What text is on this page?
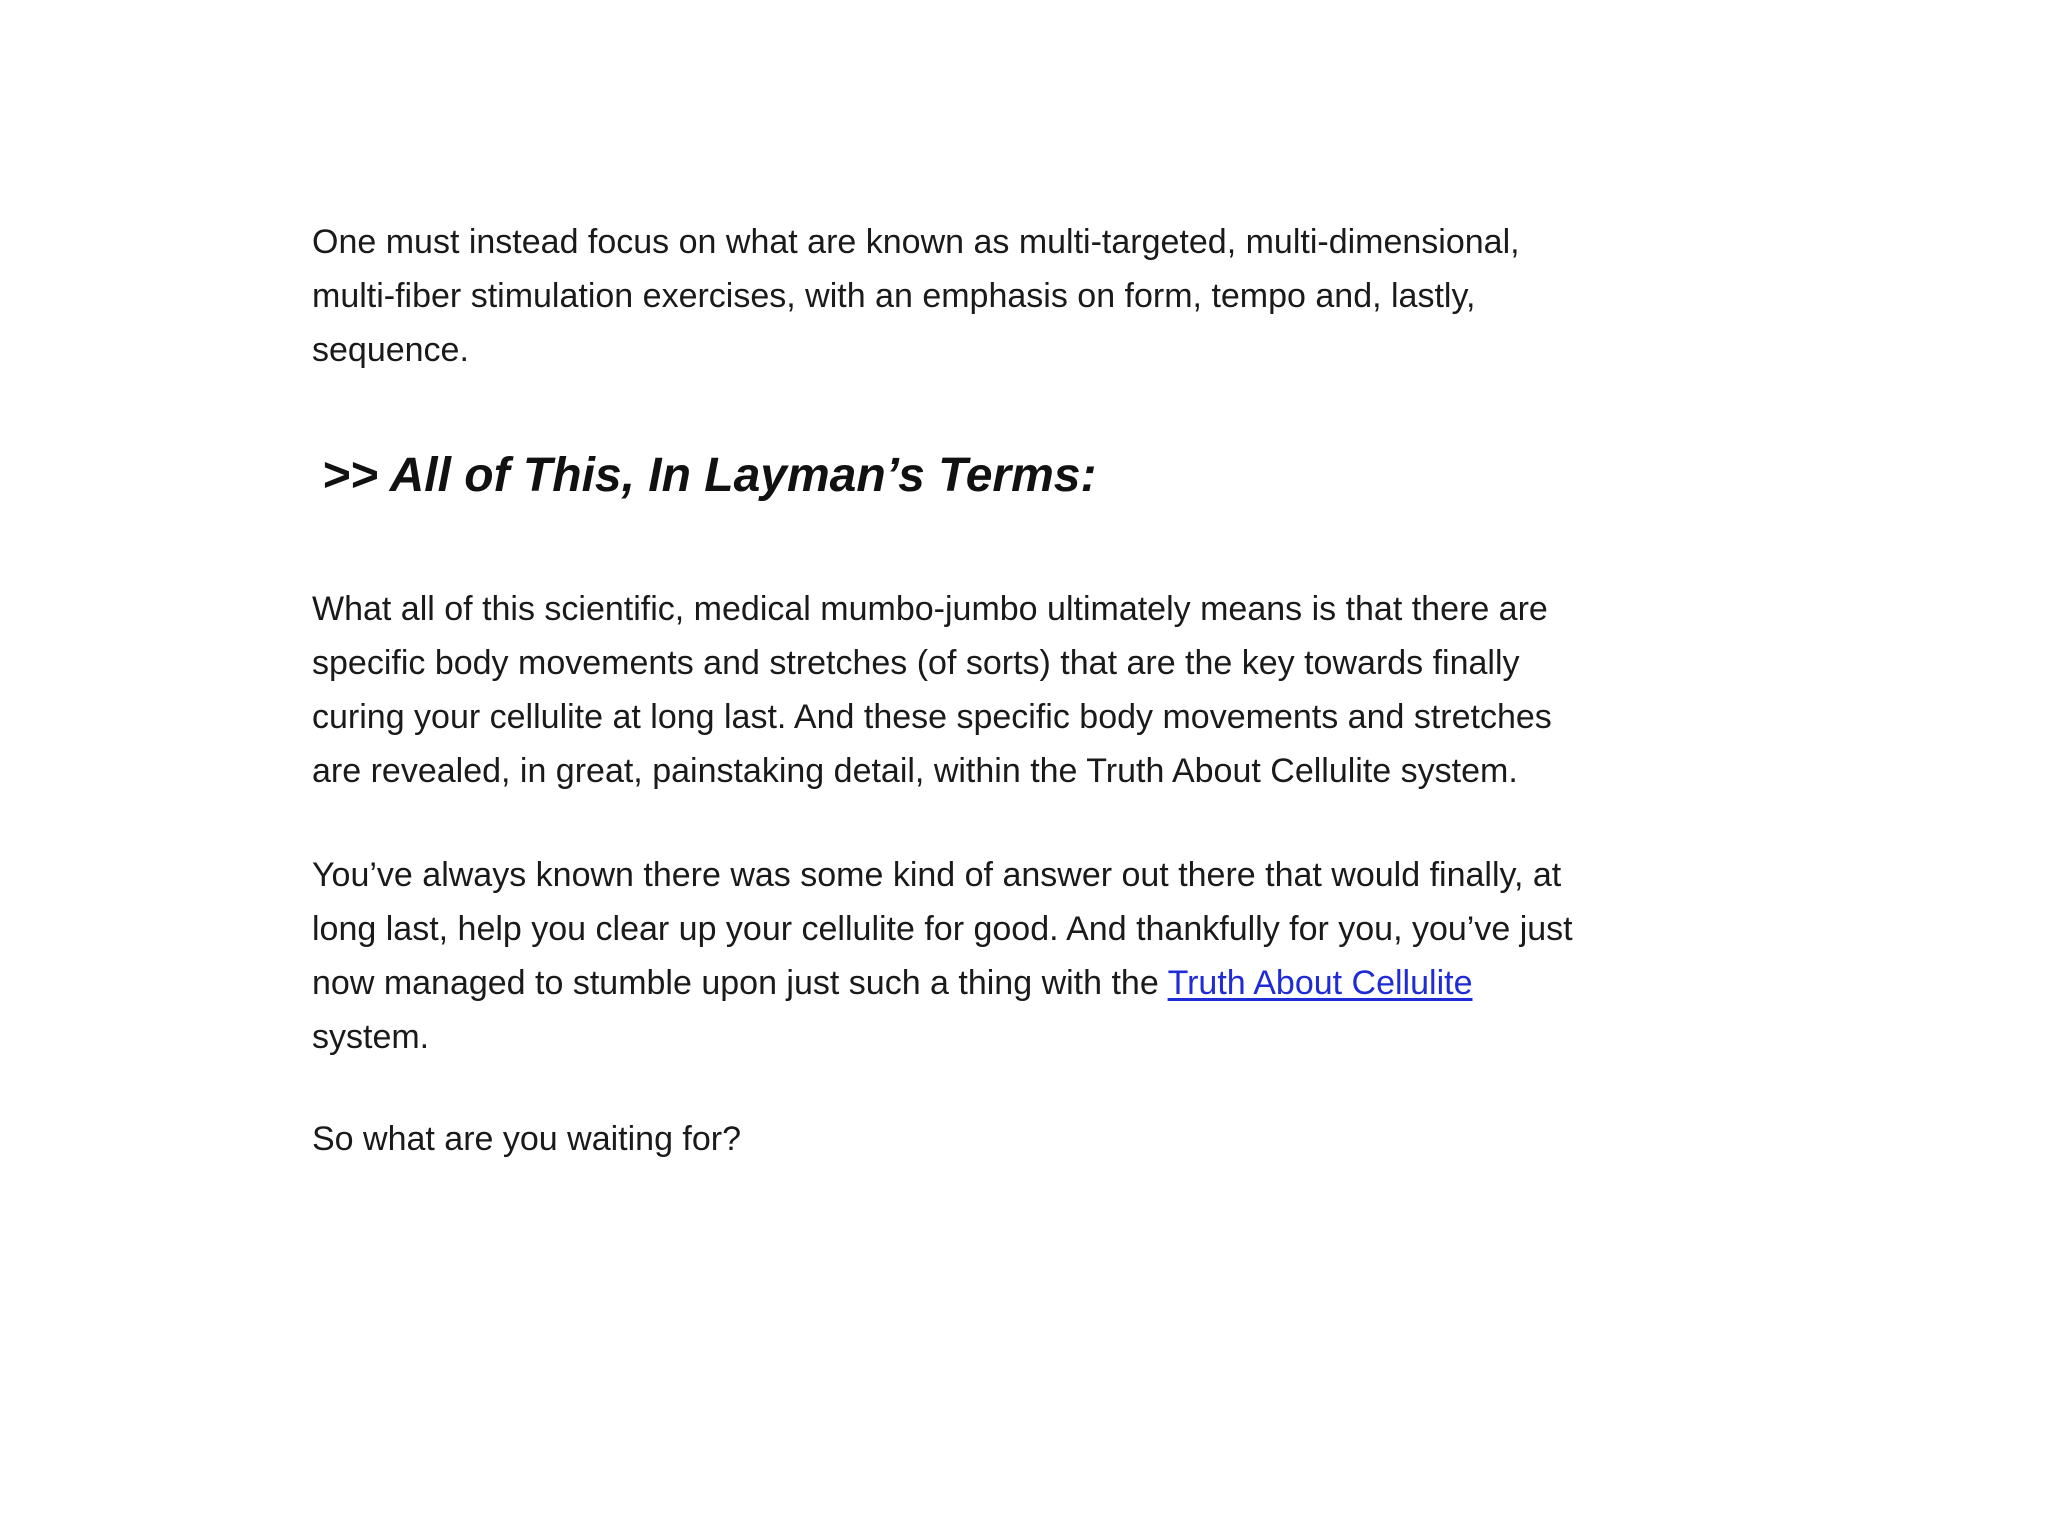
One must instead focus on what are known as multi-targeted, multi-dimensional,
multi-fiber stimulation exercises, with an emphasis on form, tempo and, lastly,
sequence.

>> All of This, In Layman’s Terms:

What all of this scientific, medical mumbo-jumbo ultimately means is that there are
specific body movements and stretches (of sorts) that are the key towards finally
curing your cellulite at long last. And these specific body movements and stretches
are revealed, in great, painstaking detail, within the Truth About Cellulite system.

You’ve always known there was some kind of answer out there that would finally, at
long last, help you clear up your cellulite for good. And thankfully for you, you’ve just
now managed to stumble upon just such a thing with the Truth About Cellulite
system.

So what are you waiting for?
